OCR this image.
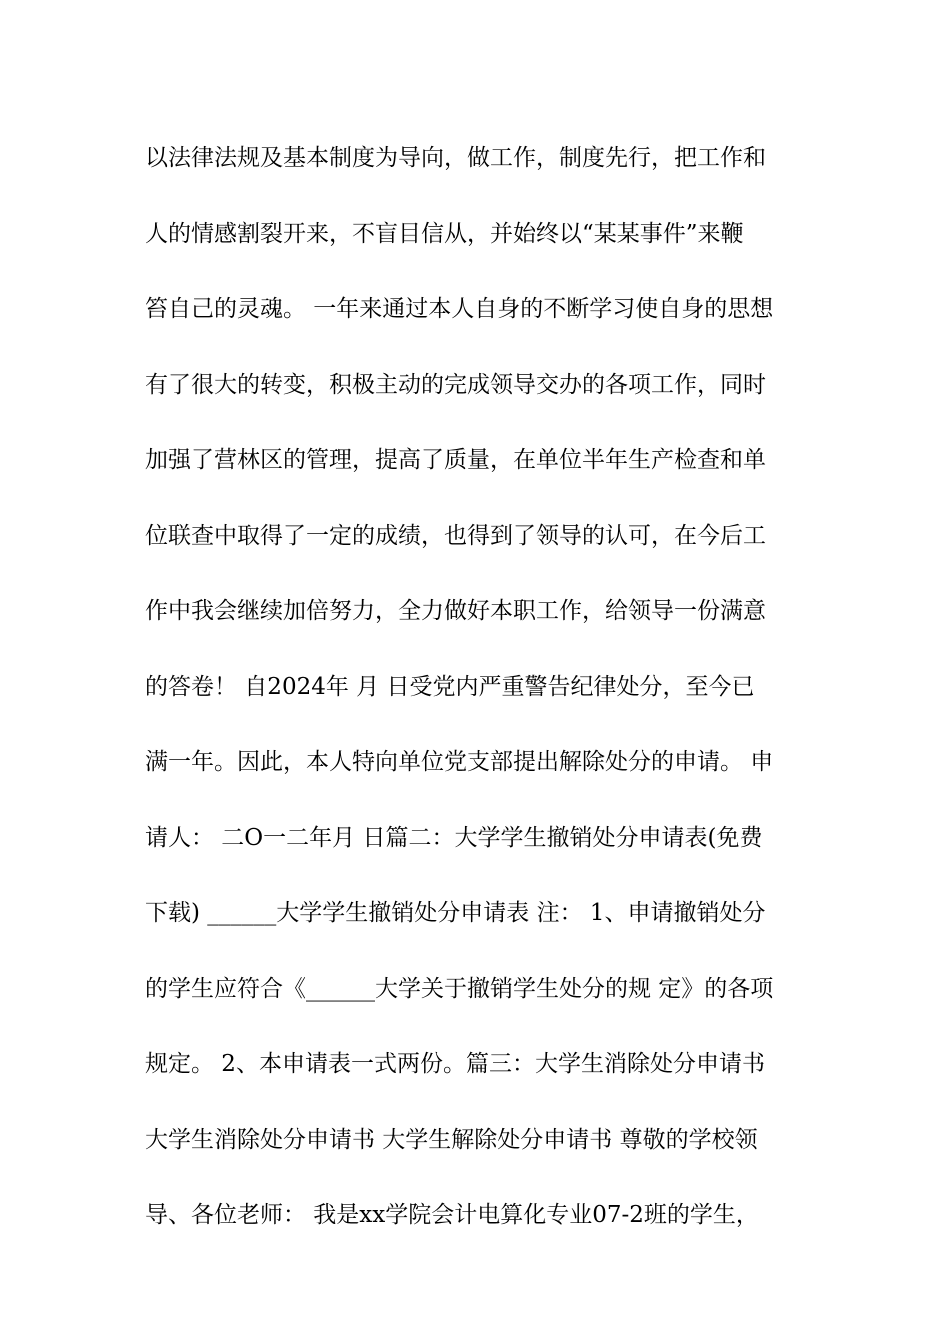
以法律法规及基本制度为导向，做工作，制度先行，把工作和
人的情感割裂开来，不盲目信从，并始终以“某某事件”来鞭
笞自己的灵魂。 一年来通过本人自身的不断学习使自身的思想
有了很大的转变，积极主动的完成领导交办的各项工作，同时
加强了营林区的管理，提高了质量，在单位半年生产检查和单
位联查中取得了一定的成绩，也得到了领导的认可，在今后工
作中我会继续加倍努力，全力做好本职工作，给领导一份满意
的答卷！ 自2024年 月 日受党内严重警告纪律处分，至今已
满一年。因此，本人特向单位党支部提出解除处分的申请。 申
请人： 二O一二年月 日篇二：大学学生撤销处分申请表(免费
下载) ______大学学生撤销处分申请表 注： 1、申请撤销处分
的学生应符合《______大学关于撤销学生处分的规 定》的各项
规定。 2、本申请表一式两份。篇三：大学生消除处分申请书
大学生消除处分申请书 大学生解除处分申请书 尊敬的学校领
导、各位老师： 我是xx学院会计电算化专业07-2班的学生，
